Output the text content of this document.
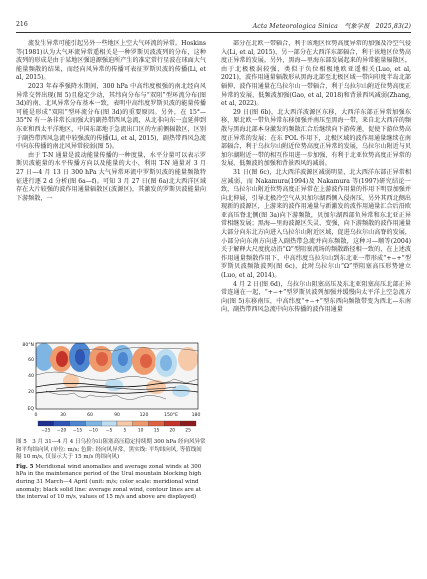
216	Acta Meteorologica Sinica　气象学报　2025,83(2)

流发生异常可能引起另外一些地区上空大气环流的异常。Hoskins 等(1981)认为大气环流异常遥相关是一种罗斯贝波波列的分布，这种波列的形成是由于某地区强迫源强迫所产生的准定常行星波在球面大气能量频散的结果，而经向风异常的传播可表征罗斯贝波的传播(Li, et al, 2015)。

2023 年春季强降水期间，300 hPa 中高纬度极强的南北经向风异常交替出现(图 5)且稳定少动，其纬向分布与“双阻”型环流分布(图 3d)的南、北风异常分布基本一致，表明中高纬度罗斯贝波的能量传播可能是形成“双阻”型环流分布(图 3d)的重要原因。另外，在 15°—35°N 有一条非常长而强大的副热带西风急流，从北非向东一直延伸到东亚和西太平洋地区，中国东部地于急流出口区的左前侧辐散区，区别于副热带西风急流中较强波的传播(Li, et al, 2015)，副热带西风急流中向东传播的南北风异常较弱(图 5)。

由于 T-N 通量是波动能量传播的一种度量，水平分量可以表示罗斯贝波能量的水平传播方向以及能量的大小，利用 T-N 通量对 3 月 27 日—4 月 13 日 300 hPa 大气异常环流中罗斯贝波的能量频散特征进行逐 2 d 分析(图 6a—f)。可知 3 月 27 日(图 6a)北大西洋区域存在大片较强的波作用通量辐散区(波源区)，其激发的罗斯贝波能量向下游频散，一

80°N
60
40
20
EQ
0	30	60	90	120	150°E	180
−25 −20 −15 −10 −5	5	10 15 20 25

图 5　3 月 31—4 月 4 日乌拉尔山阻塞高压稳定持续期 300 hPa 经向风异常和平均纬向风 (单位: m/s; 色阶: 经向风异常，黑实线: 平均纬向风, 等值线间隔 10 m/s, 仅显示大于 15 m/s 的纬向风)

Fig. 5 Meridional wind anomalies and average zonal winds at 300 hPa in the maintenance period of the Ural mountain blocking high during 31 March—4 April (unit: m/s; color scale: meridional wind anomaly; black solid line: average zonal wind, contour lines are at the interval of 10 m/s, values of 15 m/s and above are displayed)

部分在北欧一带辐合，利于该地区位势高度异常的加强及冷空气侵入(Li, et al, 2015)，另一部分在大西洋东部辐合，利于该地区位势高度正异常的发展。另外，黑海—里海东部发展起来的异常能量辐散区，由于北极极涡较强，类似于负位相极地欧亚遥相关(Luo, et al, 2021)，波作用通量辐散形从黑海北部至北极区域一带向印度半岛北部辐伸，波作用通量在乌拉尔山一带辐合，利于乌拉尔山附近位势高度正异常的发展、低频波加强(Gao, et al, 2018)和背景西风减弱(Zhang, et al, 2022)。

29 日(图 6b)，北大西洋波源区东移，大西洋东部正异常加强东移，原北欧一带负异常东移加强并南压至黑海一带，来自北大西洋的频散与黑海北部本身激发的频散汇合后继续向下游传递，促使下游位势高度正异常的发展；在东 POL 作用下，北极区域的波作用通量继续在南部辐合，利于乌拉尔山附近位势高度正异常的发展，乌拉尔山附近与贝加尔湖附近一带的相互作用进一步加强，有利于北亚位势高度正异常的发展、低频波的加强和背景西风的减弱。

31 日(图 6c)，北大西洋波源区减弱明显，北大西洋东部正异常相应减弱，而 Nakamura(1994)及 Nakamura 等(1997)研究结论一致，乌拉尔山附近位势高度正异常在上游波作用量的作用下明显加强并向北伸展，引导北极冷空气从贝加尔湖西侧入侵南压，另外其西北侧出现新的波源区，上游来的波作用通量与新激发的波作用通量汇合后沿欧亚高压脊北侧(图 3a)向下游频散，贝加尔湖西部负异常和东北亚正异常相继发展；黑海—里海波源区失灵、变强，向下游频散的波作用通量大部分向东北方向进入乌拉尔山附近区域，促进乌拉尔山高脊的发展，小部分向东南方向进入副热带急流并向东频散，这种习—顺等(2004)关于解释大尺度扰动沿“Ω”型阻塞流场的频散路径相一致的，在上述波作用通量频散作用下，中高纬度乌拉尔山到东北亚一带形成“+−+”型罗斯贝波频散波列(图 6c)，此时乌拉尔山“Ω”型阻塞高压形势建立(Luo, et al, 2014)。

4 月 2 日(图 6d)，乌拉尔山阻塞高压及东北亚阻塞高压北部正异常连通在一起，“+−+”型罗斯贝波列加强并缓慢向太平洋上空急流方向(图 5)东移南压，中高纬度“+−+”型东西向频散带变为西北—东南向，副热带西风急流中向东传播的波作用通量
